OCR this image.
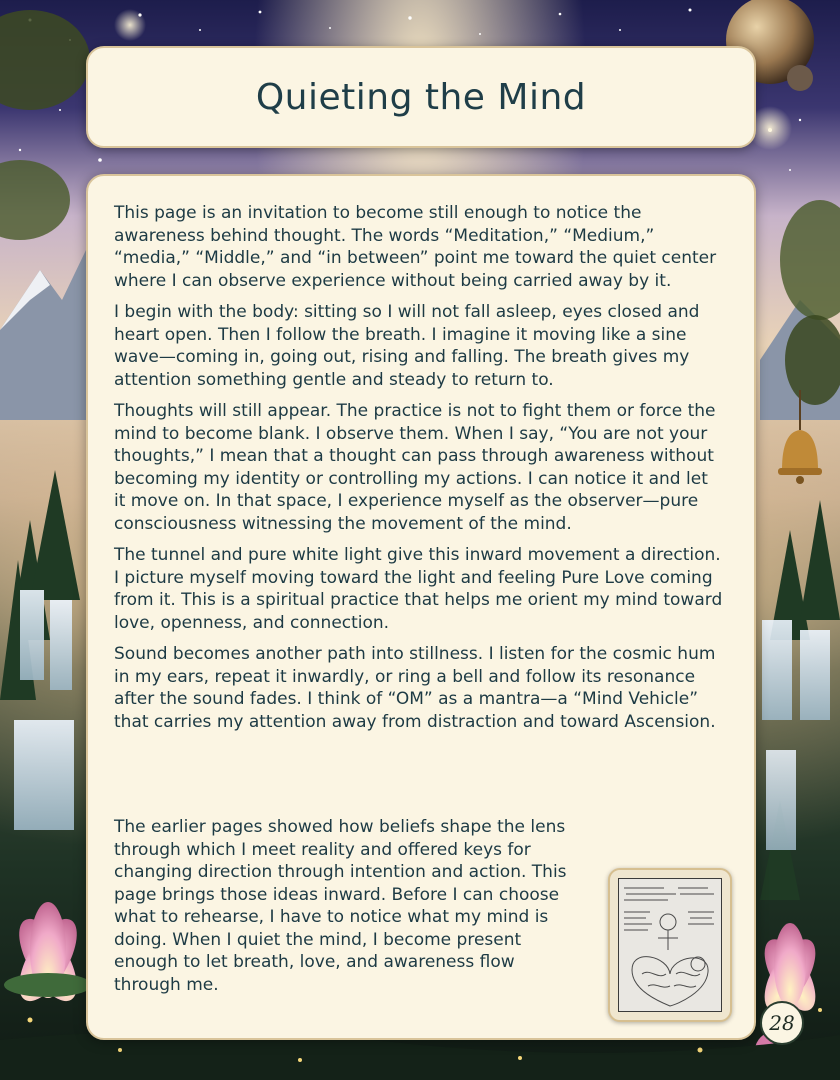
Quieting the Mind

This page is an invitation to become still enough to notice the awareness behind thought. The words “Meditation,” “Medium,” “media,” “Middle,” and “in between” point me toward the quiet center where I can observe experience without being carried away by it.

I begin with the body: sitting so I will not fall asleep, eyes closed and heart open. Then I follow the breath. I imagine it moving like a sine wave—coming in, going out, rising and falling. The breath gives my attention something gentle and steady to return to.

Thoughts will still appear. The practice is not to fight them or force the mind to become blank. I observe them. When I say, “You are not your thoughts,” I mean that a thought can pass through awareness without becoming my identity or controlling my actions. I can notice it and let it move on. In that space, I experience myself as the observer—pure consciousness witnessing the movement of the mind.

The tunnel and pure white light give this inward movement a direction. I picture myself moving toward the light and feeling Pure Love coming from it. This is a spiritual practice that helps me orient my mind toward love, openness, and connection.

Sound becomes another path into stillness. I listen for the cosmic hum in my ears, repeat it inwardly, or ring a bell and follow its resonance after the sound fades. I think of “OM” as a mantra—a “Mind Vehicle” that carries my attention away from distraction and toward Ascension.

The earlier pages showed how beliefs shape the lens through which I meet reality and offered keys for changing direction through intention and action. This page brings those ideas inward. Before I can choose what to rehearse, I have to notice what my mind is doing. When I quiet the mind, I become present enough to let breath, love, and awareness flow through me.

28
